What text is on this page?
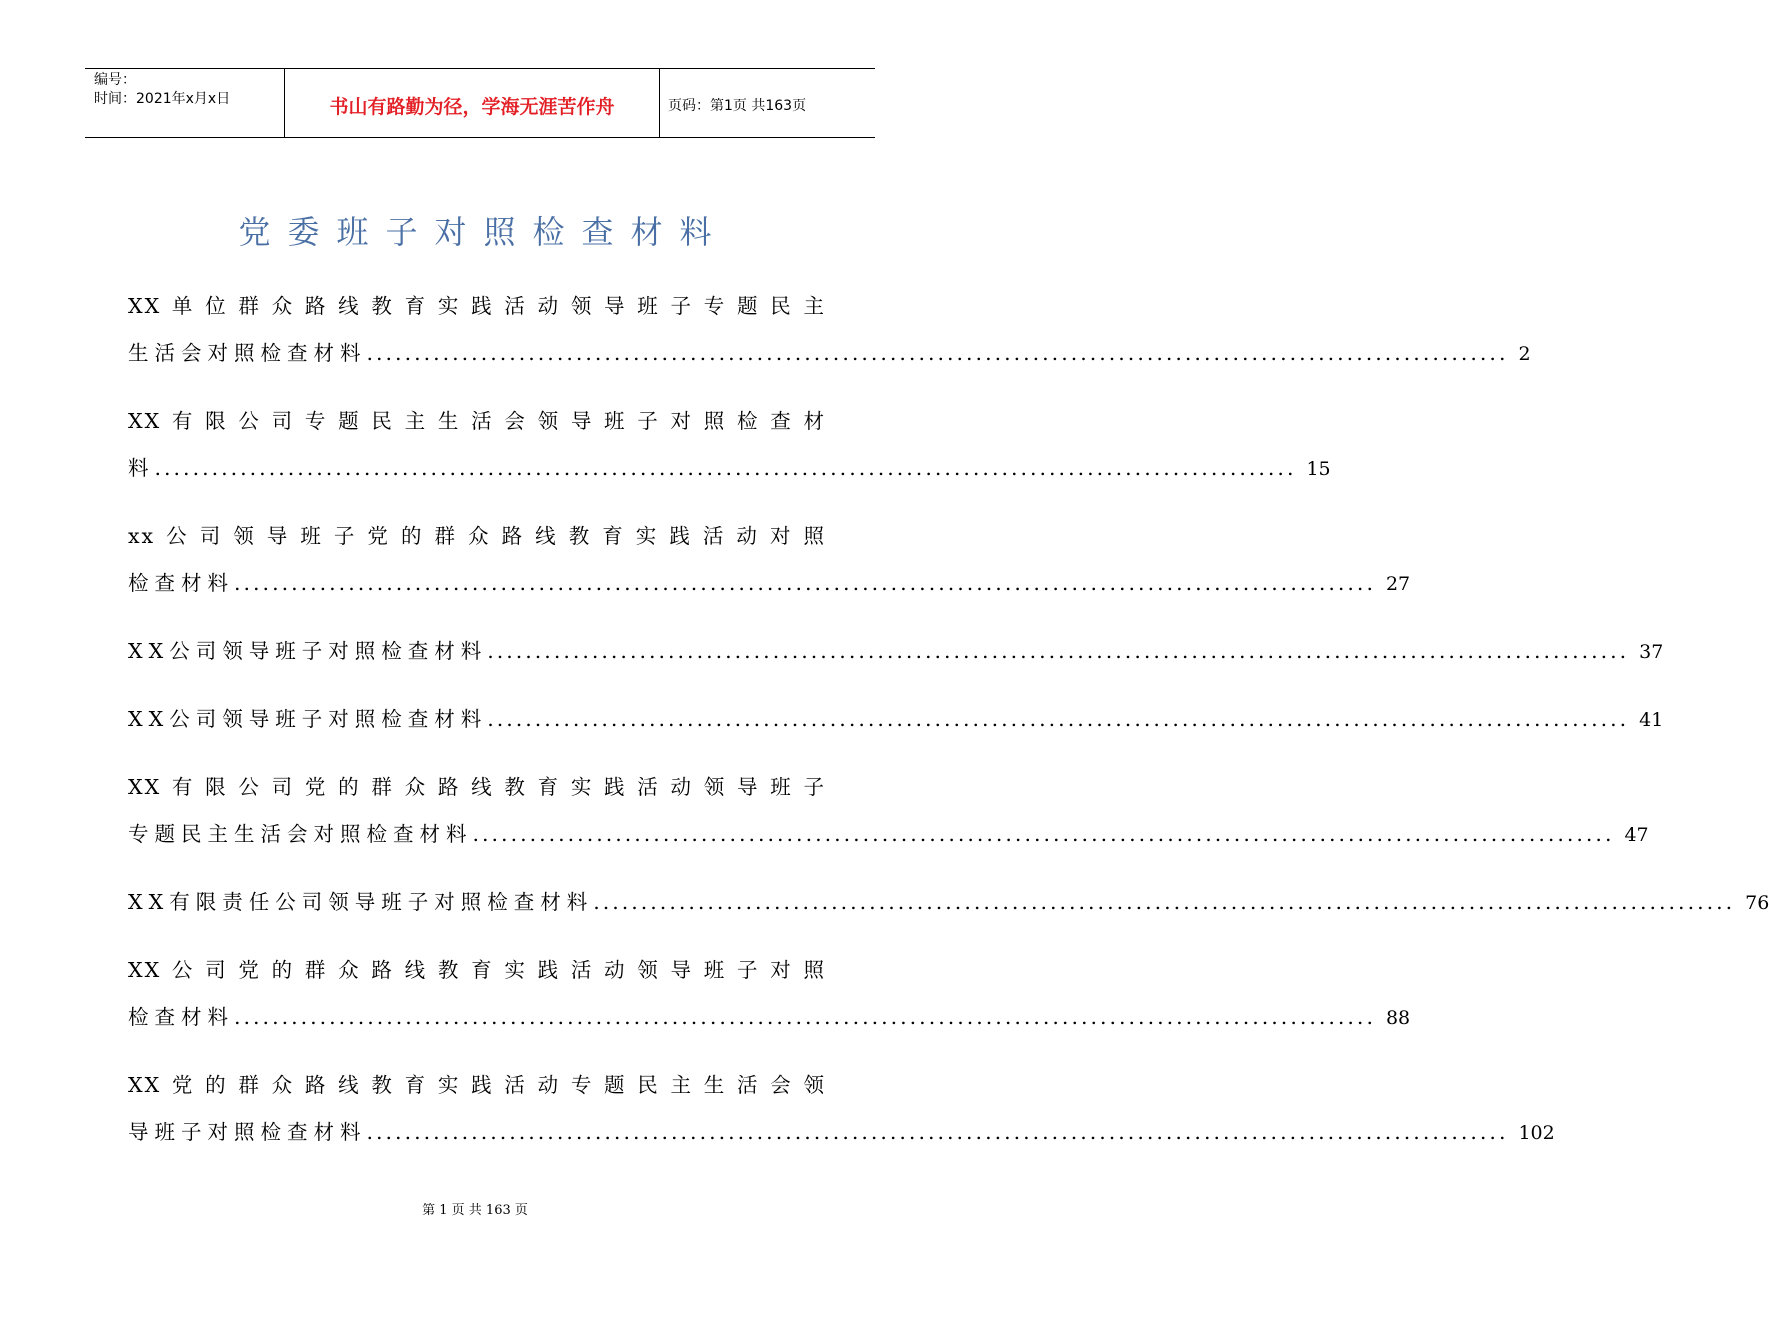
编号：
时间：2021年x月x日	书山有路勤为径，学海无涯苦作舟	页码：第1页 共163页
党委班子对照检查材料
XX单位群众路线教育实践活动领导班子专题民主
生活会对照检查材料 ........................................................................................................................ 2
XX有限公司专题民主生活会领导班子对照检查材
料 ........................................................................................................................ 15
xx公司领导班子党的群众路线教育实践活动对照
检查材料 ........................................................................................................................ 27
XX公司领导班子对照检查材料 ........................................................................................................................ 37
XX公司领导班子对照检查材料 ........................................................................................................................ 41
XX有限公司党的群众路线教育实践活动领导班子
专题民主生活会对照检查材料 ........................................................................................................................ 47
XX有限责任公司领导班子对照检查材料 ........................................................................................................................ 76
XX公司党的群众路线教育实践活动领导班子对照
检查材料 ........................................................................................................................ 88
XX党的群众路线教育实践活动专题民主生活会领
导班子对照检查材料 ........................................................................................................................ 102
第 1 页 共 163 页
